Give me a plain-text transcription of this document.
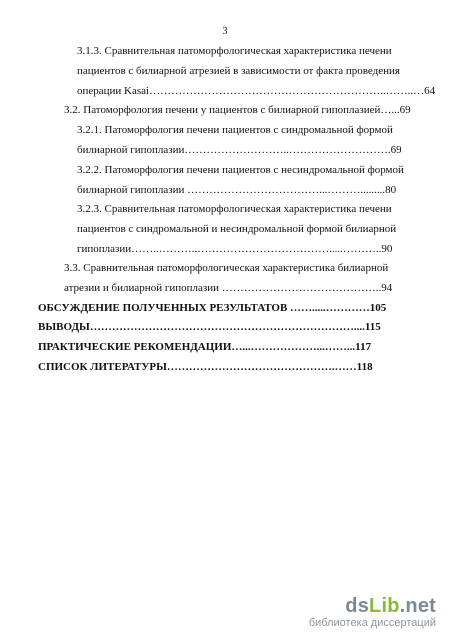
3
3.1.3. Сравнительная патоморфологическая характеристика печени
пациентов с билиарной атрезией в зависимости от факта проведения
операции Kasai………………………………………………………..……..…64
3.2. Патоморфология печени у пациентов с билиарной гипоплазией…...69
3.2.1. Патоморфология печени пациентов с синдромальной формой
билиарной гипоплазии………………………..……………………….69
3.2.2. Патоморфология печени пациентов с несиндромальной формой
билиарной гипоплазии ………………………………...……….........80
3.2.3. Сравнительная патоморфологическая характеристика печени
пациентов с синдромальной и несиндромальной формой билиарной
гипоплазии……..………..……………………………….....………..90
3.3. Сравнительная патоморфологическая характеристика билиарной
атрезии и билиарной гипоплазии ……………………………………..94
ОБСУЖДЕНИЕ ПОЛУЧЕННЫХ РЕЗУЛЬТАТОВ …….....…………105
ВЫВОДЫ………………………………………………………………....115
ПРАКТИЧЕСКИЕ РЕКОМЕНДАЦИИ…...………………...……...117
СПИСОК ЛИТЕРАТУРЫ……………………………………….……118
dsLib.net
библиотека диссертаций
